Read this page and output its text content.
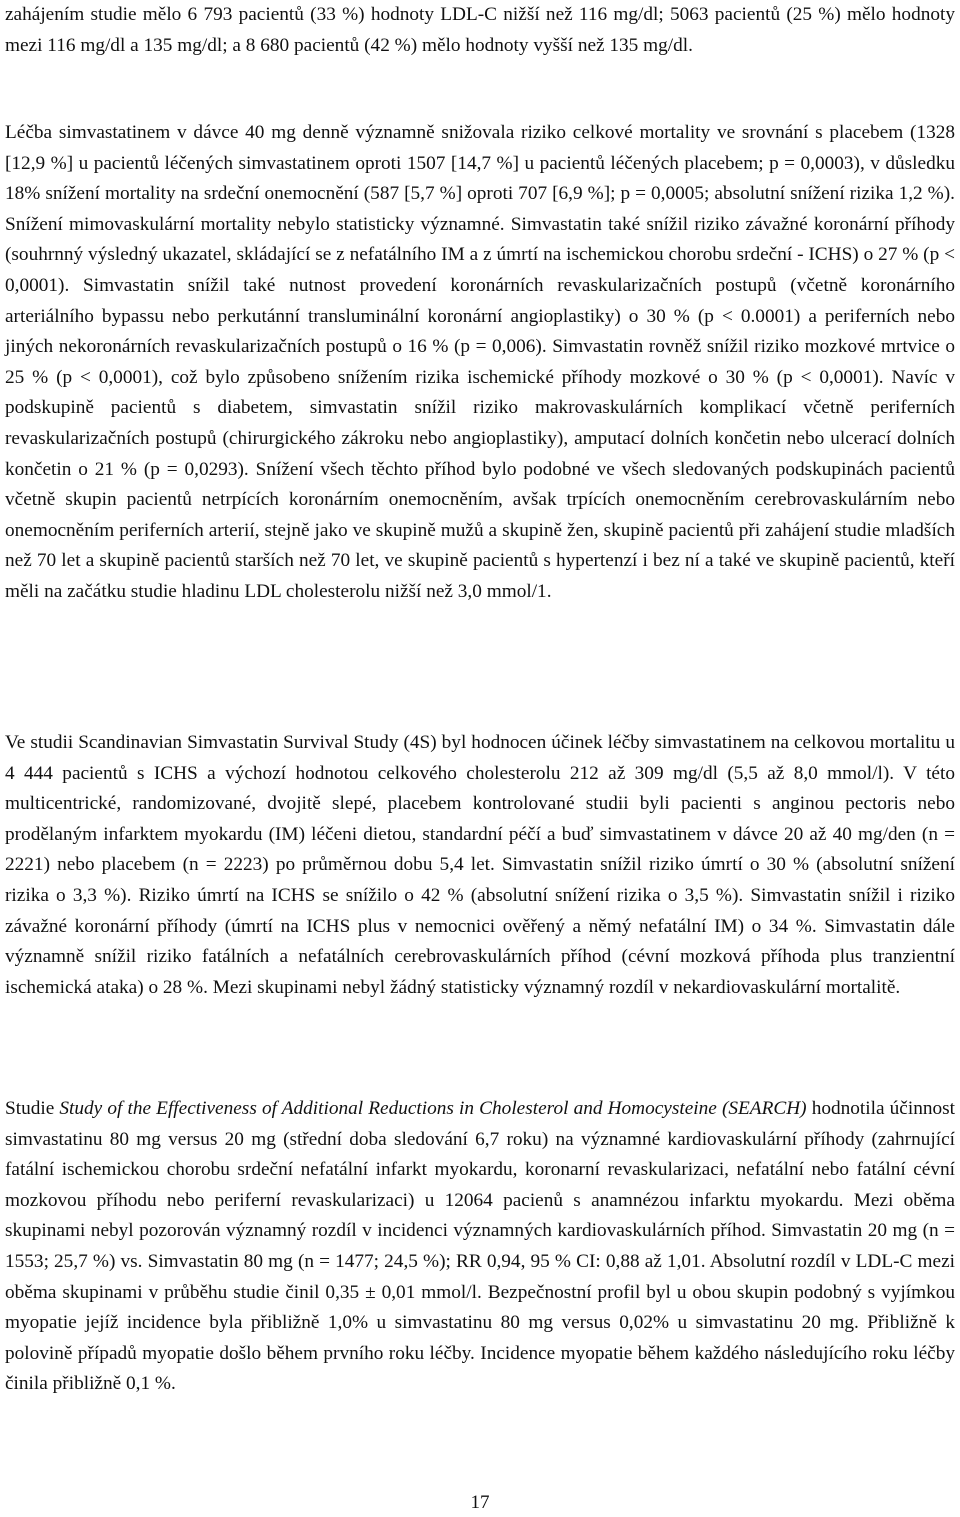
zahájením studie mělo 6 793 pacientů (33 %) hodnoty LDL-C nižší než 116 mg/dl; 5063 pacientů (25 %) mělo hodnoty mezi 116 mg/dl a 135 mg/dl; a 8 680 pacientů (42 %) mělo hodnoty vyšší než 135 mg/dl.

Léčba simvastatinem v dávce 40 mg denně významně snižovala riziko celkové mortality ve srovnání s placebem (1328 [12,9 %] u pacientů léčených simvastatinem oproti 1507 [14,7 %] u pacientů léčených placebem; p = 0,0003), v důsledku 18% snížení mortality na srdeční onemocnění (587 [5,7 %] oproti 707 [6,9 %]; p = 0,0005; absolutní snížení rizika 1,2 %). Snížení mimovaskulární mortality nebylo statisticky významné. Simvastatin také snížil riziko závažné koronární příhody (souhrnný výsledný ukazatel, skládající se z nefatálního IM a z úmrtí na ischemickou chorobu srdeční - ICHS) o 27 % (p < 0,0001). Simvastatin snížil také nutnost provedení koronárních revaskularizačních postupů (včetně koronárního arteriálního bypassu nebo perkutánní transluminální koronární angioplastiky) o 30 % (p < 0.0001) a periferních nebo jiných nekoronárních revaskularizačních postupů o 16 % (p = 0,006). Simvastatin rovněž snížil riziko mozkové mrtvice o 25 % (p < 0,0001), což bylo způsobeno snížením rizika ischemické příhody mozkové o 30 % (p < 0,0001). Navíc v podskupině pacientů s diabetem, simvastatin snížil riziko makrovaskulárních komplikací včetně periferních revaskularizačních postupů (chirurgického zákroku nebo angioplastiky), amputací dolních končetin nebo ulcerací dolních končetin o 21 % (p = 0,0293). Snížení všech těchto příhod bylo podobné ve všech sledovaných podskupinách pacientů včetně skupin pacientů netrpících koronárním onemocněním, avšak trpících onemocněním cerebrovaskulárním nebo onemocněním periferních arterií, stejně jako ve skupině mužů a skupině žen, skupině pacientů při zahájení studie mladších než 70 let a skupině pacientů starších než 70 let, ve skupině pacientů s hypertenzí i bez ní a také ve skupině pacientů, kteří měli na začátku studie hladinu LDL cholesterolu nižší než 3,0 mmol/1.

Ve studii Scandinavian Simvastatin Survival Study (4S) byl hodnocen účinek léčby simvastatinem na celkovou mortalitu u 4 444 pacientů s ICHS a výchozí hodnotou celkového cholesterolu 212 až 309 mg/dl (5,5 až 8,0 mmol/l). V této multicentrické, randomizované, dvojitě slepé, placebem kontrolované studii byli pacienti s anginou pectoris nebo prodělaným infarktem myokardu (IM) léčeni dietou, standardní péčí a buď simvastatinem v dávce 20 až 40 mg/den (n = 2221) nebo placebem (n = 2223) po průměrnou dobu 5,4 let. Simvastatin snížil riziko úmrtí o 30 % (absolutní snížení rizika o 3,3 %). Riziko úmrtí na ICHS se snížilo o 42 % (absolutní snížení rizika o 3,5 %). Simvastatin snížil i riziko závažné koronární příhody (úmrtí na ICHS plus v nemocnici ověřený a němý nefatální IM) o 34 %. Simvastatin dále významně snížil riziko fatálních a nefatálních cerebrovaskulárních příhod (cévní mozková příhoda plus tranzientní ischemická ataka) o 28 %. Mezi skupinami nebyl žádný statisticky významný rozdíl v nekardiovaskulární mortalitě.

Studie Study of the Effectiveness of Additional Reductions in Cholesterol and Homocysteine (SEARCH) hodnotila účinnost simvastatinu 80 mg versus 20 mg (střední doba sledování 6,7 roku) na významné kardiovaskulární příhody (zahrnující fatální ischemickou chorobu srdeční nefatální infarkt myokardu, koronarní revaskularizaci, nefatální nebo fatální cévní mozkovou příhodu nebo periferní revaskularizaci) u 12064 pacienů s anamnézou infarktu myokardu. Mezi oběma skupinami nebyl pozorován významný rozdíl v incidenci významných kardiovaskulárních příhod. Simvastatin 20 mg (n = 1553; 25,7 %) vs. Simvastatin 80 mg (n = 1477; 24,5 %); RR 0,94, 95 % CI: 0,88 až 1,01. Absolutní rozdíl v LDL-C mezi oběma skupinami v průběhu studie činil 0,35 ± 0,01 mmol/l. Bezpečnostní profil byl u obou skupin podobný s vyjímkou myopatie jejíž incidence byla přibližně 1,0% u simvastatinu 80 mg versus 0,02% u simvastatinu 20 mg. Přibližně k polovině případů myopatie došlo během prvního roku léčby. Incidence myopatie během každého následujícího roku léčby činila přibližně 0,1 %.

17
